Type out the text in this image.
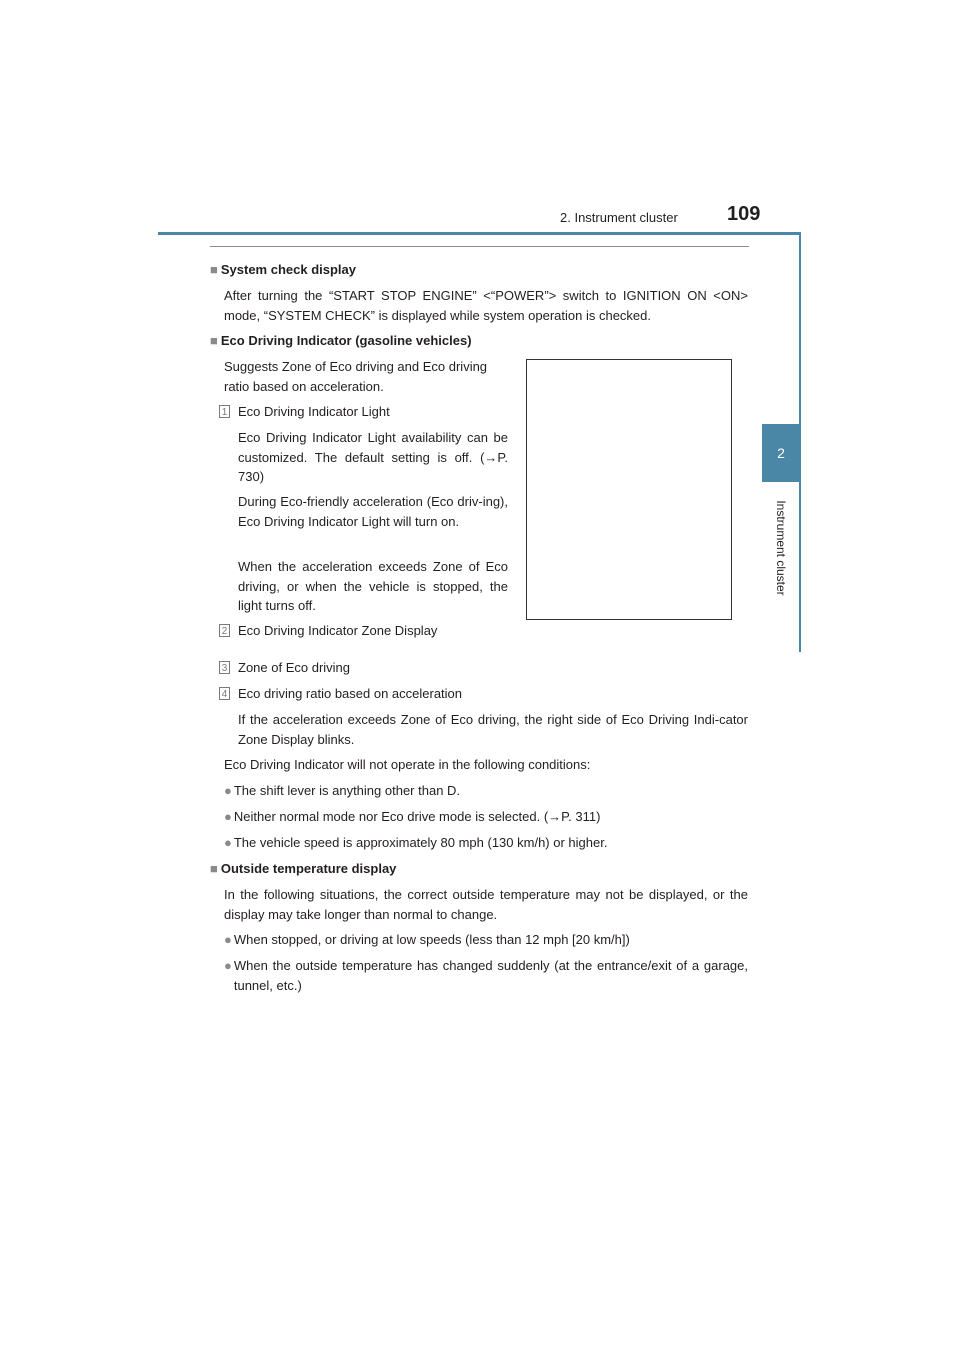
2. Instrument cluster 109
2
Instrument cluster
■ System check display
After turning the “START STOP ENGINE” <“POWER”> switch to IGNITION ON <ON> mode, “SYSTEM CHECK” is displayed while system operation is checked.
■ Eco Driving Indicator (gasoline vehicles)
Suggests Zone of Eco driving and Eco driving ratio based on acceleration.
1 Eco Driving Indicator Light
Eco Driving Indicator Light availability can be customized. The default setting is off. (→P. 730)
During Eco-friendly acceleration (Eco driv-ing), Eco Driving Indicator Light will turn on.
When the acceleration exceeds Zone of Eco driving, or when the vehicle is stopped, the light turns off.
2 Eco Driving Indicator Zone Display
3 Zone of Eco driving
4 Eco driving ratio based on acceleration
If the acceleration exceeds Zone of Eco driving, the right side of Eco Driving Indi-cator Zone Display blinks.
Eco Driving Indicator will not operate in the following conditions:
● The shift lever is anything other than D.
● Neither normal mode nor Eco drive mode is selected. (→P. 311)
● The vehicle speed is approximately 80 mph (130 km/h) or higher.
■ Outside temperature display
In the following situations, the correct outside temperature may not be displayed, or the display may take longer than normal to change.
● When stopped, or driving at low speeds (less than 12 mph [20 km/h])
● When the outside temperature has changed suddenly (at the entrance/exit of a garage, tunnel, etc.)
